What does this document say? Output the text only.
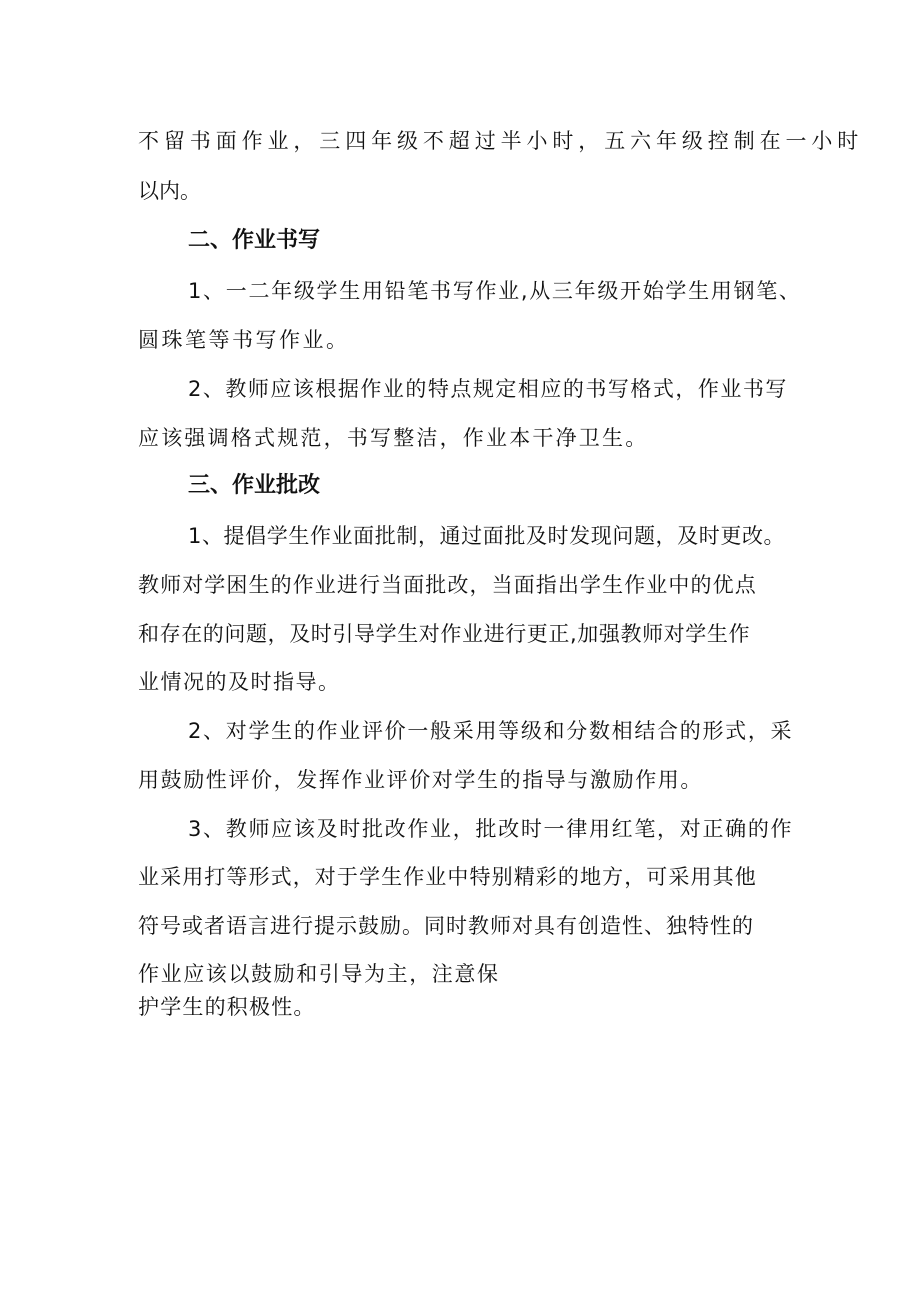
不留书面作业，三四年级不超过半小时，五六年级控制在一小时
以内。
二、作业书写
1、一二年级学生用铅笔书写作业,从三年级开始学生用钢笔、
圆珠笔等书写作业。
2、教师应该根据作业的特点规定相应的书写格式，作业书写
应该强调格式规范，书写整洁，作业本干净卫生。
三、作业批改
1、提倡学生作业面批制，通过面批及时发现问题，及时更改。
教师对学困生的作业进行当面批改，当面指出学生作业中的优点
和存在的问题，及时引导学生对作业进行更正,加强教师对学生作
业情况的及时指导。
2、对学生的作业评价一般采用等级和分数相结合的形式，采
用鼓励性评价，发挥作业评价对学生的指导与激励作用。
3、教师应该及时批改作业，批改时一律用红笔，对正确的作
业采用打等形式，对于学生作业中特别精彩的地方，可采用其他
符号或者语言进行提示鼓励。同时教师对具有创造性、独特性的
作业应该以鼓励和引导为主，注意保
护学生的积极性。
